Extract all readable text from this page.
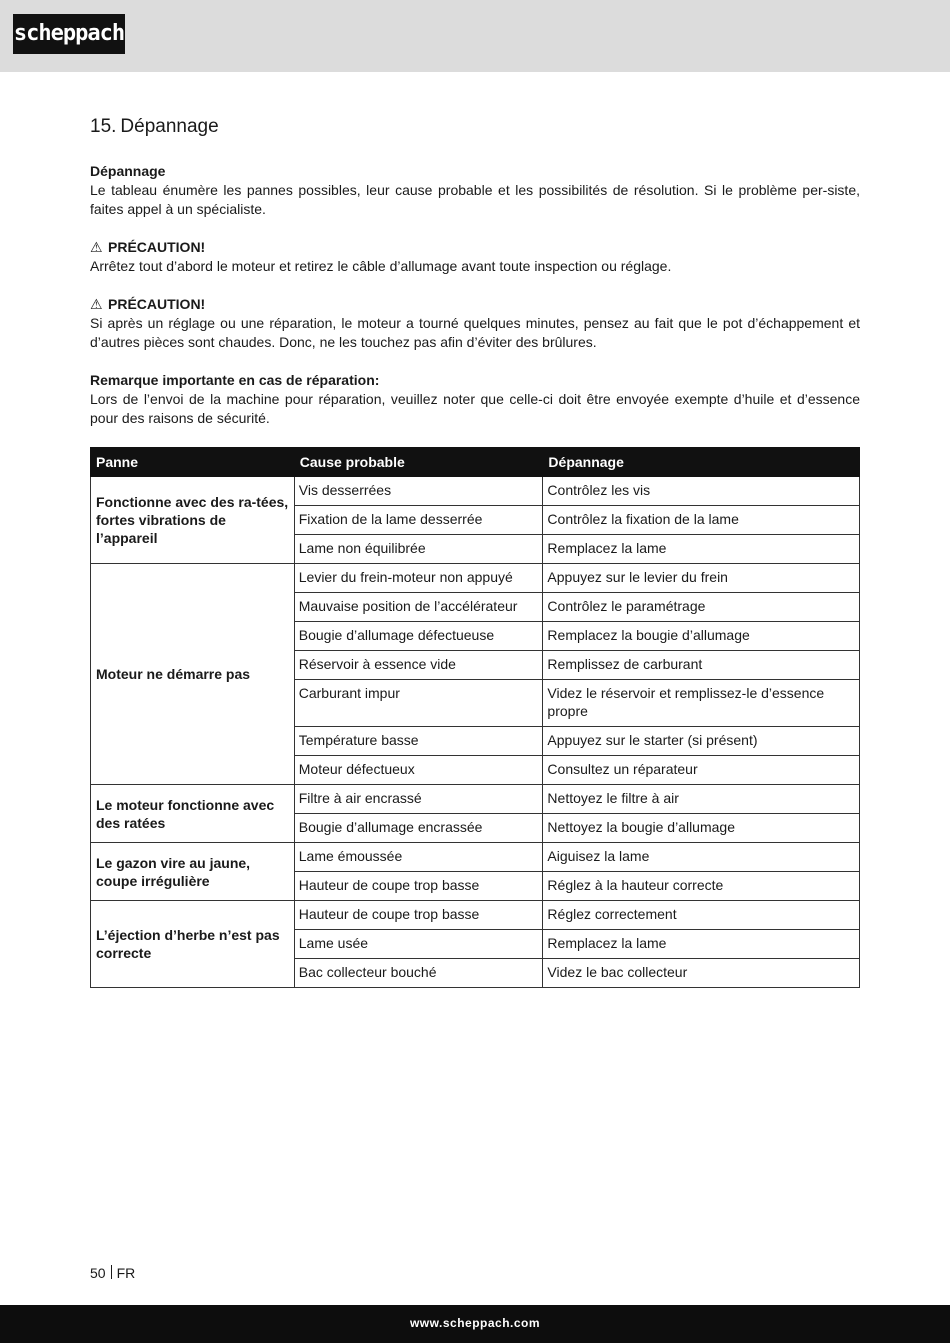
scheppach
15. Dépannage
Dépannage
Le tableau énumère les pannes possibles, leur cause probable et les possibilités de résolution. Si le problème per-siste, faites appel à un spécialiste.
⚠ PRÉCAUTION!
Arrêtez tout d’abord le moteur et retirez le câble d’allumage avant toute inspection ou réglage.
⚠ PRÉCAUTION!
Si après un réglage ou une réparation, le moteur a tourné quelques minutes, pensez au fait que le pot d’échappement et d’autres pièces sont chaudes. Donc, ne les touchez pas afin d’éviter des brûlures.
Remarque importante en cas de réparation:
Lors de l’envoi de la machine pour réparation, veuillez noter que celle-ci doit être envoyée exempte d’huile et d’essence pour des raisons de sécurité.
Panne	Cause probable	Dépannage
Fonctionne avec des ra-tées, fortes vibrations de l’appareil	Vis desserrées	Contrôlez les vis
	Fixation de la lame desserrée	Contrôlez la fixation de la lame
	Lame non équilibrée	Remplacez la lame
Moteur ne démarre pas	Levier du frein-moteur non appuyé	Appuyez sur le levier du frein
	Mauvaise position de l’accélérateur	Contrôlez le paramétrage
	Bougie d’allumage défectueuse	Remplacez la bougie d’allumage
	Réservoir à essence vide	Remplissez de carburant
	Carburant impur	Videz le réservoir et remplissez-le d’essence propre
	Température basse	Appuyez sur le starter (si présent)
	Moteur défectueux	Consultez un réparateur
Le moteur fonctionne avec des ratées	Filtre à air encrassé	Nettoyez le filtre à air
	Bougie d’allumage encrassée	Nettoyez la bougie d’allumage
Le gazon vire au jaune, coupe irrégulière	Lame émoussée	Aiguisez la lame
	Hauteur de coupe trop basse	Réglez à la hauteur correcte
L’éjection d’herbe n’est pas correcte	Hauteur de coupe trop basse	Réglez correctement
	Lame usée	Remplacez la lame
	Bac collecteur bouché	Videz le bac collecteur
50 FR
www.scheppach.com
